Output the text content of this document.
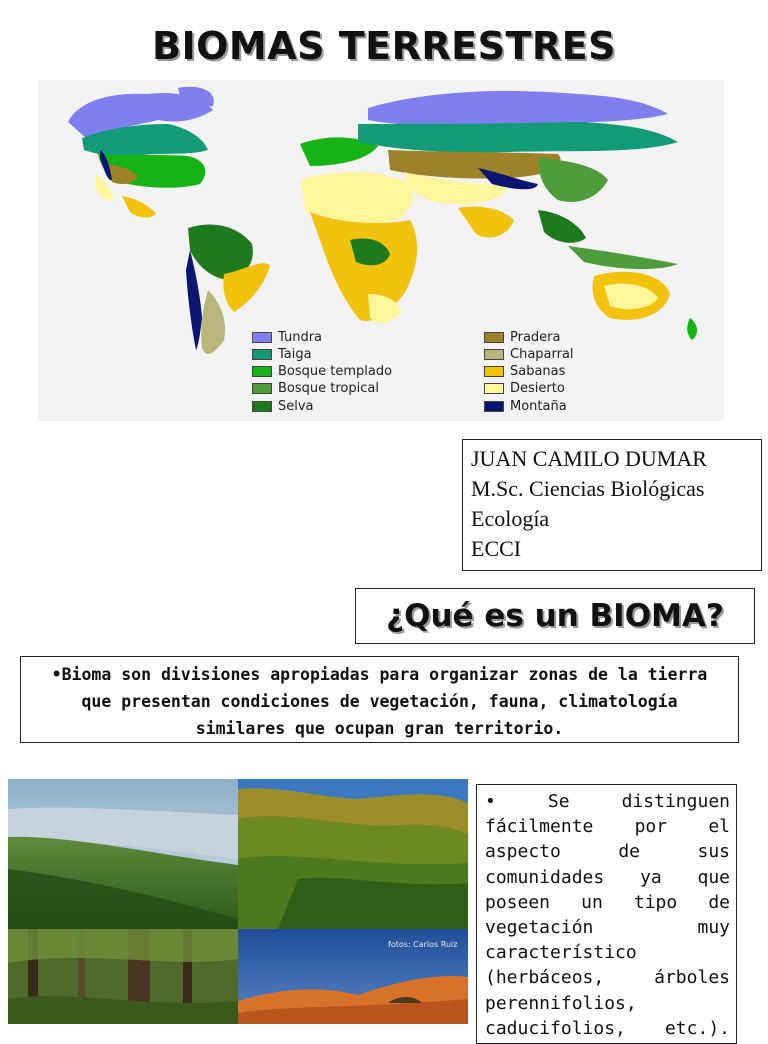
BIOMAS TERRESTRES
Tundra
Taiga
Bosque templado
Bosque tropical
Selva
Pradera
Chaparral
Sabanas
Desierto
Montaña
JUAN CAMILO DUMAR
M.Sc. Ciencias Biológicas
Ecología
ECCI
¿Qué es un BIOMA?
•Bioma son divisiones apropiadas para organizar zonas de la tierra
que presentan condiciones de vegetación, fauna, climatología
similares que ocupan gran territorio.
fotos: Carlos Ruiz
• Se distinguen
fácilmente por el
aspecto de sus
comunidades ya que
poseen un tipo de
vegetación muy
característico
(herbáceos, árboles
perennifolios,
caducifolios, etc.).
